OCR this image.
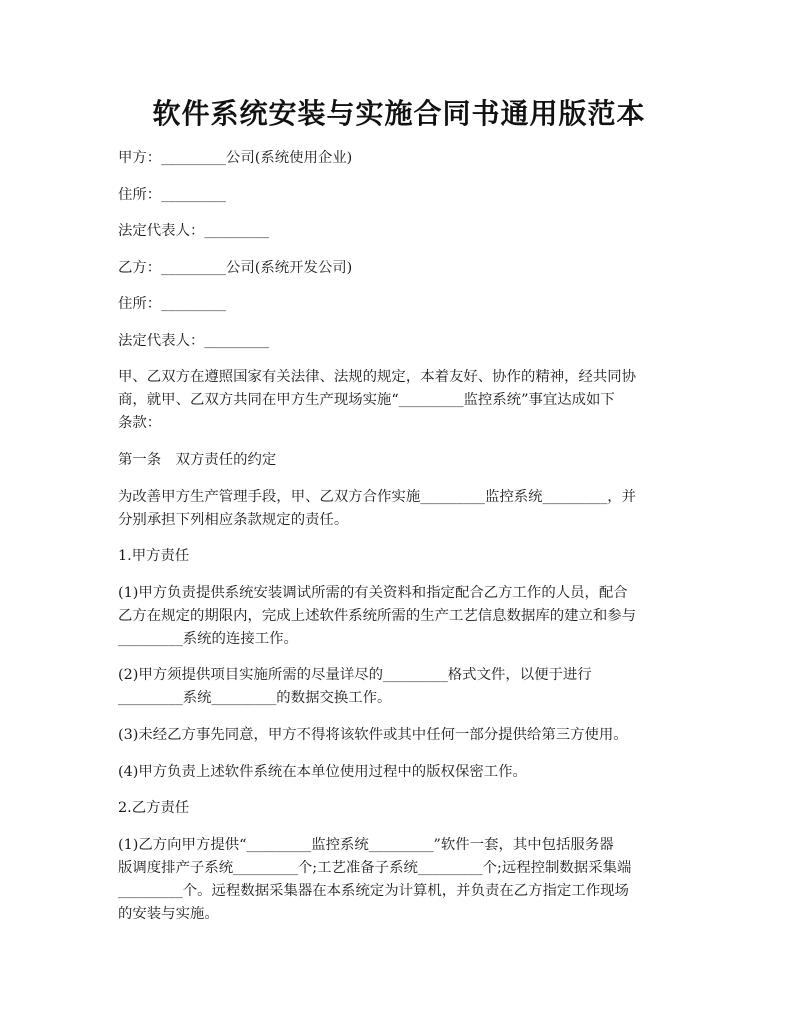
软件系统安装与实施合同书通用版范本
甲方：_________公司(系统使用企业)
住所：_________
法定代表人：_________
乙方：_________公司(系统开发公司)
住所：_________
法定代表人：_________
甲、乙双方在遵照国家有关法律、法规的规定，本着友好、协作的精神，经共同协
商，就甲、乙双方共同在甲方生产现场实施“_________监控系统”事宜达成如下
条款：
第一条　双方责任的约定
为改善甲方生产管理手段，甲、乙双方合作实施_________监控系统_________，并
分别承担下列相应条款规定的责任。
1.甲方责任
(1)甲方负责提供系统安装调试所需的有关资料和指定配合乙方工作的人员，配合
乙方在规定的期限内，完成上述软件系统所需的生产工艺信息数据库的建立和参与
_________系统的连接工作。
(2)甲方须提供项目实施所需的尽量详尽的_________格式文件，以便于进行
_________系统_________的数据交换工作。
(3)未经乙方事先同意，甲方不得将该软件或其中任何一部分提供给第三方使用。
(4)甲方负责上述软件系统在本单位使用过程中的版权保密工作。
2.乙方责任
(1)乙方向甲方提供“_________监控系统_________”软件一套，其中包括服务器
版调度排产子系统_________个;工艺准备子系统_________个;远程控制数据采集端
_________个。远程数据采集器在本系统定为计算机，并负责在乙方指定工作现场
的安装与实施。
